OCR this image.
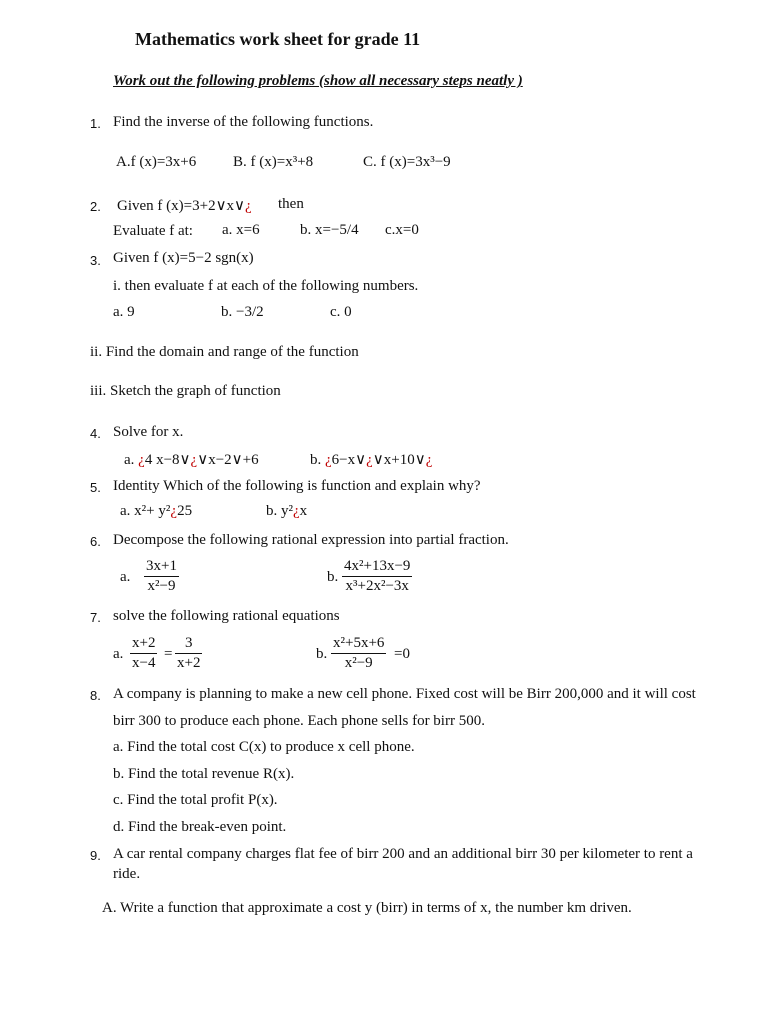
Mathematics work sheet for grade 11
Work out the following problems (show all necessary steps neatly )
1. Find the inverse of the following functions.
A.f (x)=3x+6 B. f (x)=x³+8	C. f (x)=3x³−9
2. Given f (x)=3+2∨x∨¿ then
Evaluate f at: a. x=6	b. x=−5/4 c.x=0
3. Given f (x)=5−2 sgn(x)
i. then evaluate f at each of the following numbers.
a. 9	b. −3/2	c. 0
ii. Find the domain and range of the function
iii. Sketch the graph of function
4. Solve for x.
a. ¿4 x−8∨¿∨x−2∨+6	b. ¿6−x∨¿∨x+10∨¿
5. Identity Which of the following is function and explain why?
a. x²+ y²¿25	b. y²¿x
6. Decompose the following rational expression into partial fraction.
a. $\frac{3x+1}{\text{x²−9}}$	b. $\frac{\text{4x²+13x−9}}{\text{x³+2x²−3x}}$
7. solve the following rational equations
a. $\frac{x+2}{x-4} = \frac{3}{x+2}$	b. $\frac{\text{x²+5x+6}}{\text{x²−9}} =0$
8. A company is planning to make a new cell phone. Fixed cost will be Birr 200,000 and it will cost
birr 300 to produce each phone. Each phone sells for birr 500.
a. Find the total cost C(x) to produce x cell phone.
b. Find the total revenue R(x).
c. Find the total profit P(x).
d. Find the break-even point.
9. A car rental company charges flat fee of birr 200 and an additional birr 30 per kilometer to rent a
ride.
A. Write a function that approximate a cost y (birr) in terms of x, the number km driven.
